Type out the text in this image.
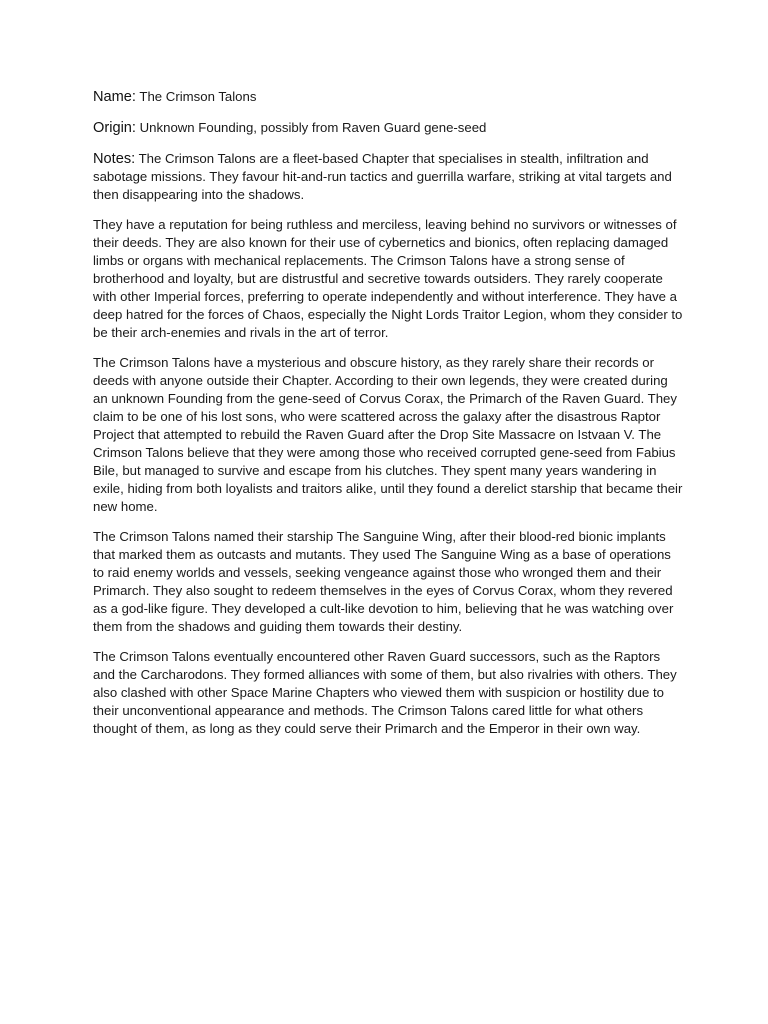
Name: The Crimson Talons
Origin: Unknown Founding, possibly from Raven Guard gene-seed
Notes: The Crimson Talons are a fleet-based Chapter that specialises in stealth, infiltration and sabotage missions. They favour hit-and-run tactics and guerrilla warfare, striking at vital targets and then disappearing into the shadows.

They have a reputation for being ruthless and merciless, leaving behind no survivors or witnesses of their deeds. They are also known for their use of cybernetics and bionics, often replacing damaged limbs or organs with mechanical replacements. The Crimson Talons have a strong sense of brotherhood and loyalty, but are distrustful and secretive towards outsiders. They rarely cooperate with other Imperial forces, preferring to operate independently and without interference. They have a deep hatred for the forces of Chaos, especially the Night Lords Traitor Legion, whom they consider to be their arch-enemies and rivals in the art of terror.

The Crimson Talons have a mysterious and obscure history, as they rarely share their records or deeds with anyone outside their Chapter. According to their own legends, they were created during an unknown Founding from the gene-seed of Corvus Corax, the Primarch of the Raven Guard. They claim to be one of his lost sons, who were scattered across the galaxy after the disastrous Raptor Project that attempted to rebuild the Raven Guard after the Drop Site Massacre on Istvaan V. The Crimson Talons believe that they were among those who received corrupted gene-seed from Fabius Bile, but managed to survive and escape from his clutches. They spent many years wandering in exile, hiding from both loyalists and traitors alike, until they found a derelict starship that became their new home.

The Crimson Talons named their starship The Sanguine Wing, after their blood-red bionic implants that marked them as outcasts and mutants. They used The Sanguine Wing as a base of operations to raid enemy worlds and vessels, seeking vengeance against those who wronged them and their Primarch. They also sought to redeem themselves in the eyes of Corvus Corax, whom they revered as a god-like figure. They developed a cult-like devotion to him, believing that he was watching over them from the shadows and guiding them towards their destiny.

The Crimson Talons eventually encountered other Raven Guard successors, such as the Raptors and the Carcharodons. They formed alliances with some of them, but also rivalries with others. They also clashed with other Space Marine Chapters who viewed them with suspicion or hostility due to their unconventional appearance and methods. The Crimson Talons cared little for what others thought of them, as long as they could serve their Primarch and the Emperor in their own way.
